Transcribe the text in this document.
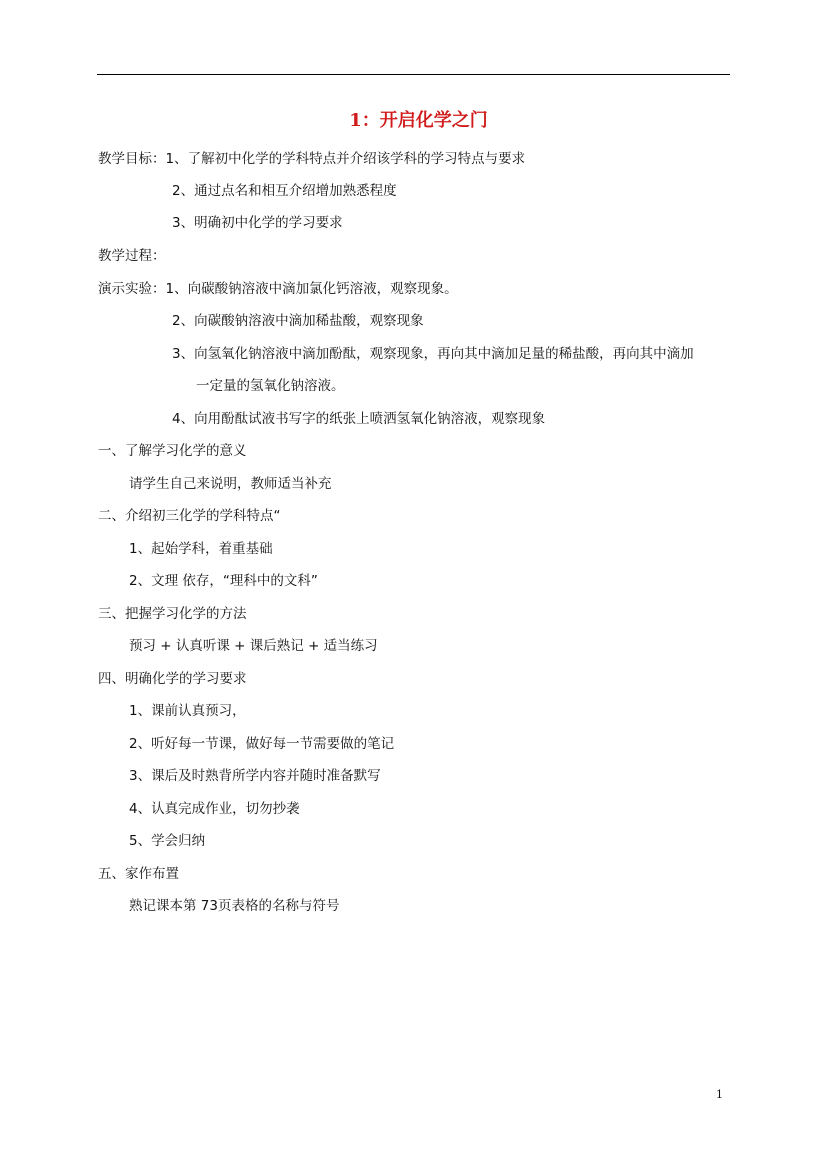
1：开启化学之门
教学目标：1、了解初中化学的学科特点并介绍该学科的学习特点与要求
2、通过点名和相互介绍增加熟悉程度
3、明确初中化学的学习要求
教学过程：
演示实验：1、向碳酸钠溶液中滴加氯化钙溶液，观察现象。
2、向碳酸钠溶液中滴加稀盐酸，观察现象
3、向氢氧化钠溶液中滴加酚酞，观察现象，再向其中滴加足量的稀盐酸，再向其中滴加
一定量的氢氧化钠溶液。
4、向用酚酞试液书写字的纸张上喷洒氢氧化钠溶液，观察现象
一、了解学习化学的意义
请学生自己来说明，教师适当补充
二、介绍初三化学的学科特点“
1、起始学科，着重基础
2、文理 依存，“理科中的文科”
三、把握学习化学的方法
预习 + 认真听课 + 课后熟记 + 适当练习
四、明确化学的学习要求
1、课前认真预习，
2、听好每一节课，做好每一节需要做的笔记
3、课后及时熟背所学内容并随时准备默写
4、认真完成作业，切勿抄袭
5、学会归纳
五、家作布置
熟记课本第 73页表格的名称与符号
1
